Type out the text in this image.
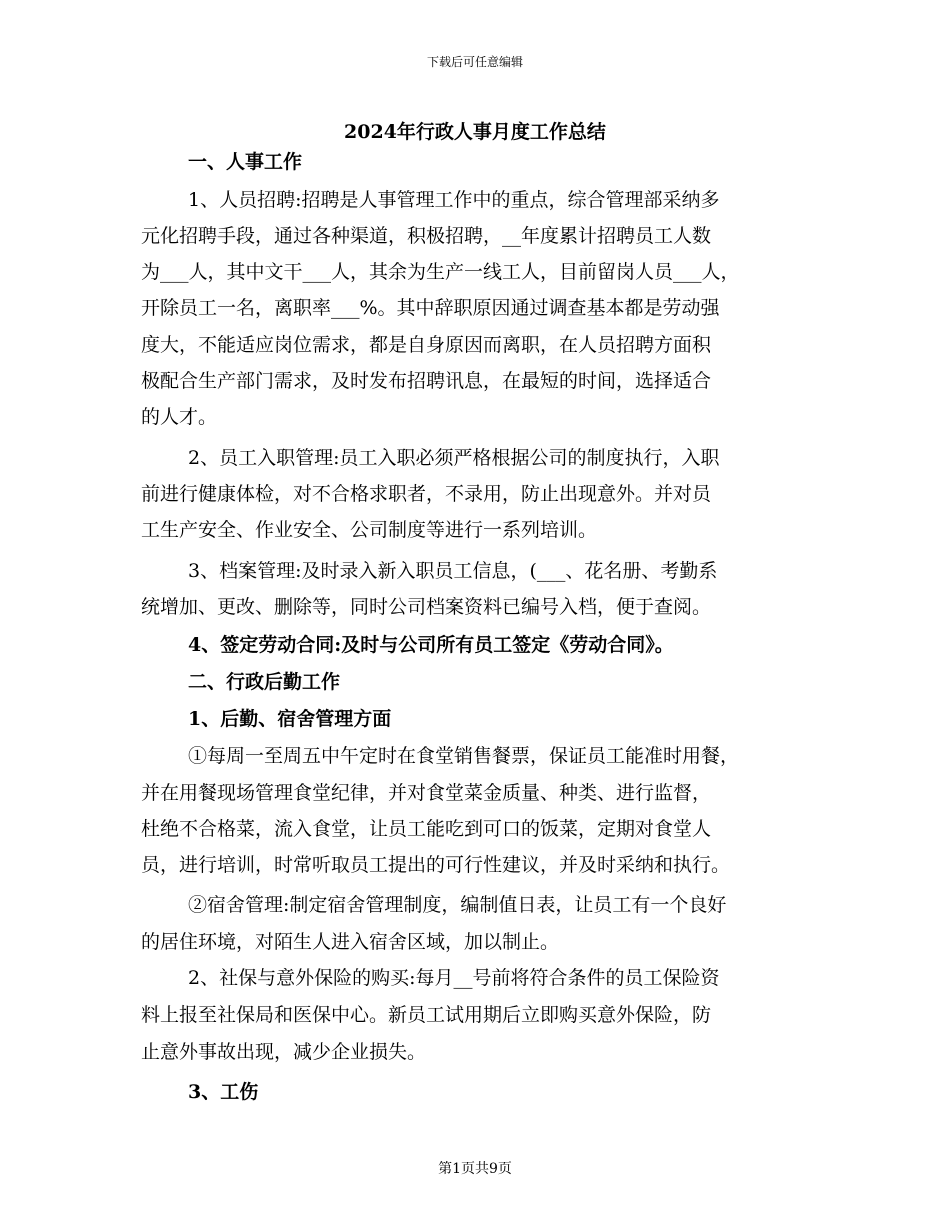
下载后可任意编辑
2024年行政人事月度工作总结
一、人事工作
1、人员招聘:招聘是人事管理工作中的重点，综合管理部采纳多
元化招聘手段，通过各种渠道，积极招聘，__年度累计招聘员工人数
为___人，其中文干___人，其余为生产一线工人，目前留岗人员___人，
开除员工一名，离职率___%。其中辞职原因通过调查基本都是劳动强
度大，不能适应岗位需求，都是自身原因而离职，在人员招聘方面积
极配合生产部门需求，及时发布招聘讯息，在最短的时间，选择适合
的人才。
2、员工入职管理:员工入职必须严格根据公司的制度执行，入职
前进行健康体检，对不合格求职者，不录用，防止出现意外。并对员
工生产安全、作业安全、公司制度等进行一系列培训。
3、档案管理:及时录入新入职员工信息，(___、花名册、考勤系
统增加、更改、删除等，同时公司档案资料已编号入档，便于查阅。
4、签定劳动合同:及时与公司所有员工签定《劳动合同》。
二、行政后勤工作
1、后勤、宿舍管理方面
①每周一至周五中午定时在食堂销售餐票，保证员工能准时用餐，
并在用餐现场管理食堂纪律，并对食堂菜金质量、种类、进行监督，
杜绝不合格菜，流入食堂，让员工能吃到可口的饭菜，定期对食堂人
员，进行培训，时常听取员工提出的可行性建议，并及时采纳和执行。
②宿舍管理:制定宿舍管理制度，编制值日表，让员工有一个良好
的居住环境，对陌生人进入宿舍区域，加以制止。
2、社保与意外保险的购买:每月__号前将符合条件的员工保险资
料上报至社保局和医保中心。新员工试用期后立即购买意外保险，防
止意外事故出现，减少企业损失。
3、工伤
第1页共9页
